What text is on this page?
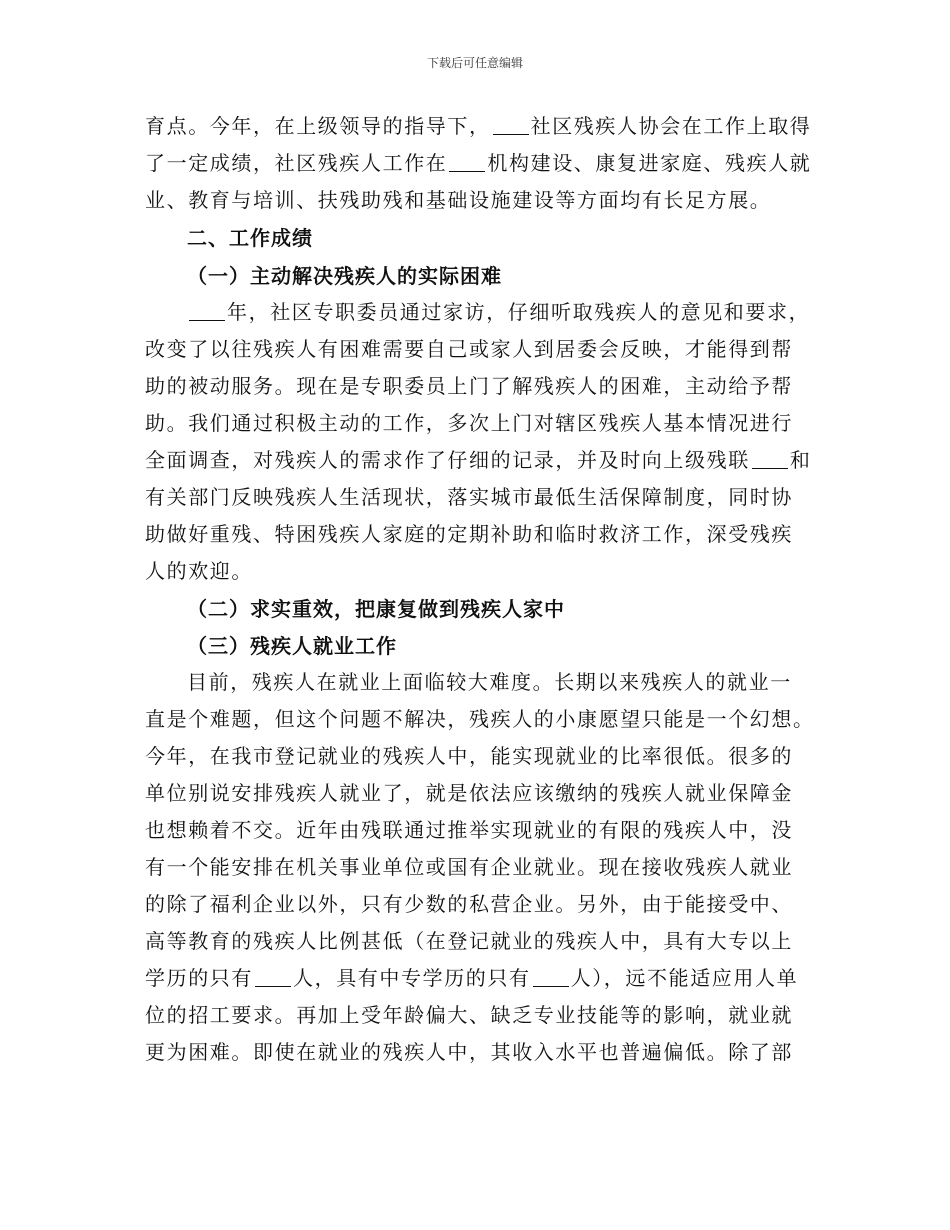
下载后可任意编辑
育点。今年，在上级领导的指导下， 社区残疾人协会在工作上取得
了一定成绩，社区残疾人工作在 机构建设、康复进家庭、残疾人就
业、教育与培训、扶残助残和基础设施建设等方面均有长足方展。
二、工作成绩
（一）主动解决残疾人的实际困难
年，社区专职委员通过家访，仔细听取残疾人的意见和要求，
改变了以往残疾人有困难需要自己或家人到居委会反映，才能得到帮
助的被动服务。现在是专职委员上门了解残疾人的困难，主动给予帮
助。我们通过积极主动的工作，多次上门对辖区残疾人基本情况进行
全面调查，对残疾人的需求作了仔细的记录，并及时向上级残联 和
有关部门反映残疾人生活现状，落实城市最低生活保障制度，同时协
助做好重残、特困残疾人家庭的定期补助和临时救济工作，深受残疾
人的欢迎。
（二）求实重效，把康复做到残疾人家中
（三）残疾人就业工作
目前，残疾人在就业上面临较大难度。长期以来残疾人的就业一
直是个难题，但这个问题不解决，残疾人的小康愿望只能是一个幻想。
今年，在我市登记就业的残疾人中，能实现就业的比率很低。很多的
单位别说安排残疾人就业了，就是依法应该缴纳的残疾人就业保障金
也想赖着不交。近年由残联通过推举实现就业的有限的残疾人中，没
有一个能安排在机关事业单位或国有企业就业。现在接收残疾人就业
的除了福利企业以外，只有少数的私营企业。另外，由于能接受中、
高等教育的残疾人比例甚低（在登记就业的残疾人中，具有大专以上
学历的只有 人，具有中专学历的只有 人），远不能适应用人单
位的招工要求。再加上受年龄偏大、缺乏专业技能等的影响，就业就
更为困难。即使在就业的残疾人中，其收入水平也普遍偏低。除了部
